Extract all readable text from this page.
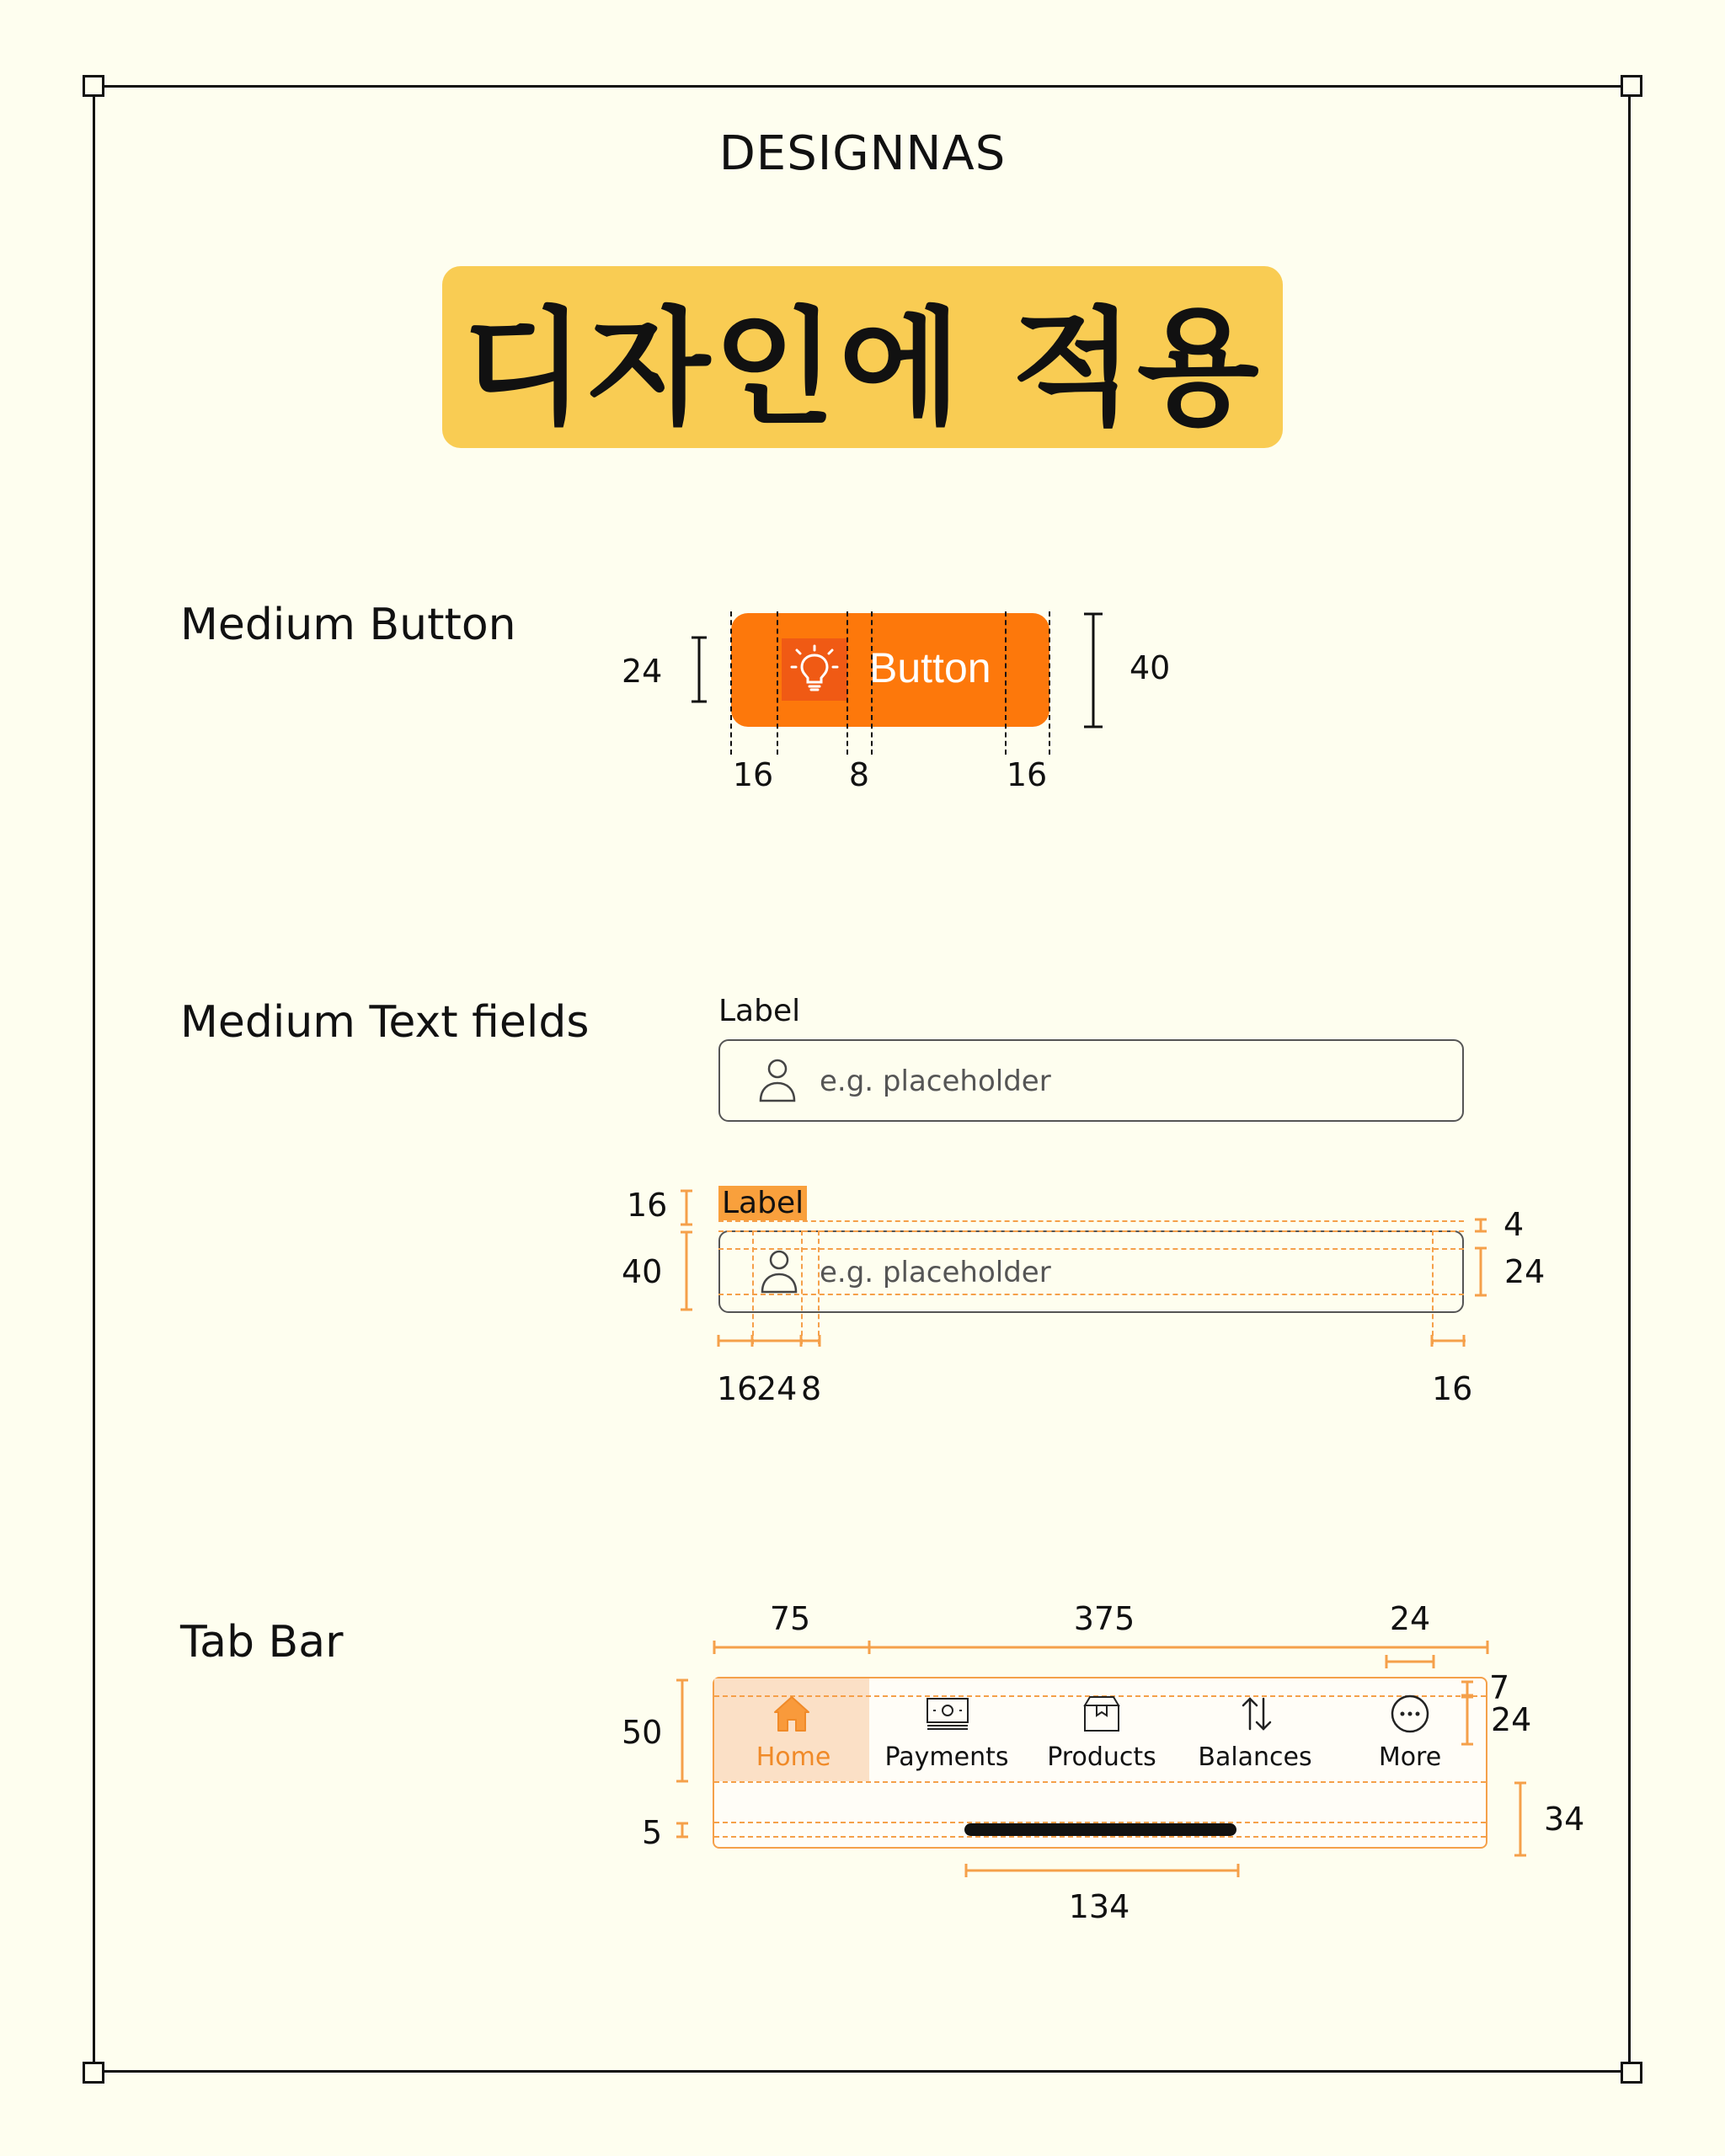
DESIGNNAS
디자인에 적용
Medium Button
Button
24	40
16 8	16
Medium Text fields	Label
e.g. placeholder
Label
e.g. placeholder
16
40
4
24
16
24 8	16
Tab Bar	75	375	24
Home Payments Products Balances	More
50
5
7
24
34
134
